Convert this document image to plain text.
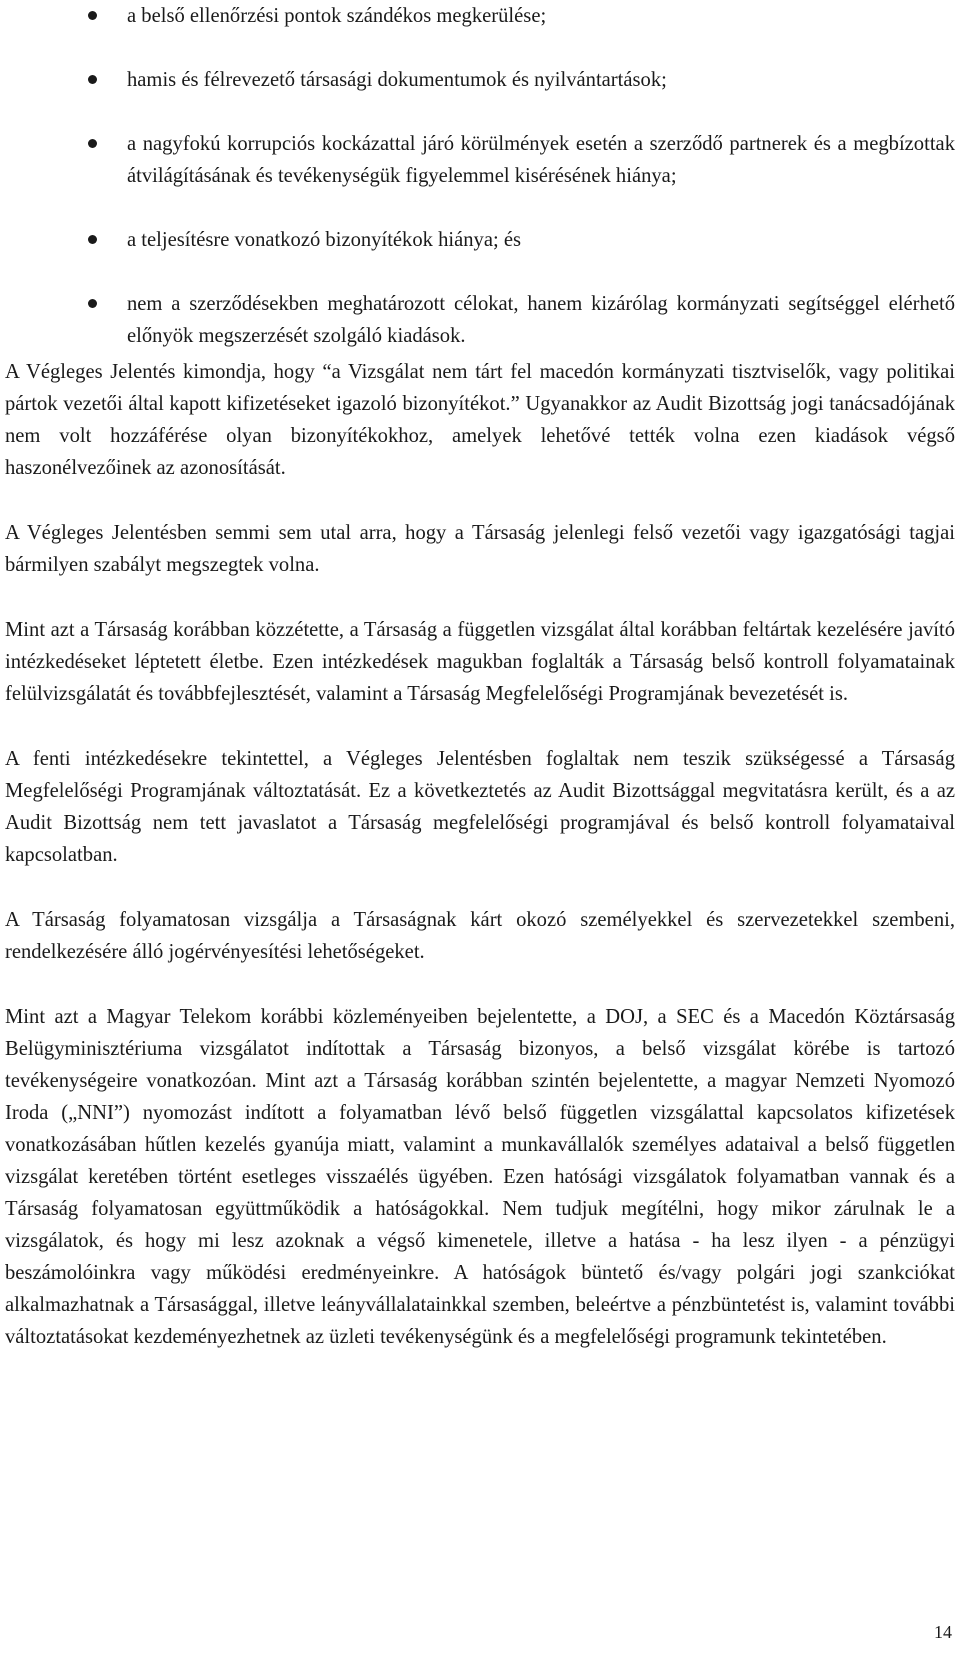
a belső ellenőrzési pontok szándékos megkerülése;
hamis és félrevezető társasági dokumentumok és nyilvántartások;
a nagyfokú korrupciós kockázattal járó körülmények esetén a szerződő partnerek és a megbízottak átvilágításának és tevékenységük figyelemmel kisérésének hiánya;
a teljesítésre vonatkozó bizonyítékok hiánya; és
nem a szerződésekben meghatározott célokat, hanem kizárólag kormányzati segítséggel elérhető előnyök megszerzését szolgáló kiadások.

A Végleges Jelentés kimondja, hogy “a Vizsgálat nem tárt fel macedón kormányzati tisztviselők, vagy politikai pártok vezetői által kapott kifizetéseket igazoló bizonyítékot.” Ugyanakkor az Audit Bizottság jogi tanácsadójának nem volt hozzáférése olyan bizonyítékokhoz, amelyek lehetővé tették volna ezen kiadások végső haszonélvezőinek az azonosítását.

A Végleges Jelentésben semmi sem utal arra, hogy a Társaság jelenlegi felső vezetői vagy igazgatósági tagjai bármilyen szabályt megszegtek volna.

Mint azt a Társaság korábban közzétette, a Társaság a független vizsgálat által korábban feltártak kezelésére javító intézkedéseket léptetett életbe. Ezen intézkedések magukban foglalták a Társaság belső kontroll folyamatainak felülvizsgálatát és továbbfejlesztését, valamint a Társaság Megfelelőségi Programjának bevezetését is.

A fenti intézkedésekre tekintettel, a Végleges Jelentésben foglaltak nem teszik szükségessé a Társaság Megfelelőségi Programjának változtatását. Ez a következtetés az Audit Bizottsággal megvitatásra került, és a az Audit Bizottság nem tett javaslatot a Társaság megfelelőségi programjával és belső kontroll folyamataival kapcsolatban.

A Társaság folyamatosan vizsgálja a Társaságnak kárt okozó személyekkel és szervezetekkel szembeni, rendelkezésére álló jogérvényesítési lehetőségeket.

Mint azt a Magyar Telekom korábbi közleményeiben bejelentette, a DOJ, a SEC és a Macedón Köztársaság Belügyminisztériuma vizsgálatot indítottak a Társaság bizonyos, a belső vizsgálat körébe is tartozó tevékenységeire vonatkozóan. Mint azt a Társaság korábban szintén bejelentette, a magyar Nemzeti Nyomozó Iroda („NNI”) nyomozást indított a folyamatban lévő belső független vizsgálattal kapcsolatos kifizetések vonatkozásában hűtlen kezelés gyanúja miatt, valamint a munkavállalók személyes adataival a belső független vizsgálat keretében történt esetleges visszaélés ügyében. Ezen hatósági vizsgálatok folyamatban vannak és a Társaság folyamatosan együttműködik a hatóságokkal. Nem tudjuk megítélni, hogy mikor zárulnak le a vizsgálatok, és hogy mi lesz azoknak a végső kimenetele, illetve a hatása - ha lesz ilyen - a pénzügyi beszámolóinkra vagy működési eredményeinkre. A hatóságok büntető és/vagy polgári jogi szankciókat alkalmazhatnak a Társasággal, illetve leányvállalatainkkal szemben, beleértve a pénzbüntetést is, valamint további változtatásokat kezdeményezhetnek az üzleti tevékenységünk és a megfelelőségi programunk tekintetében.

14
